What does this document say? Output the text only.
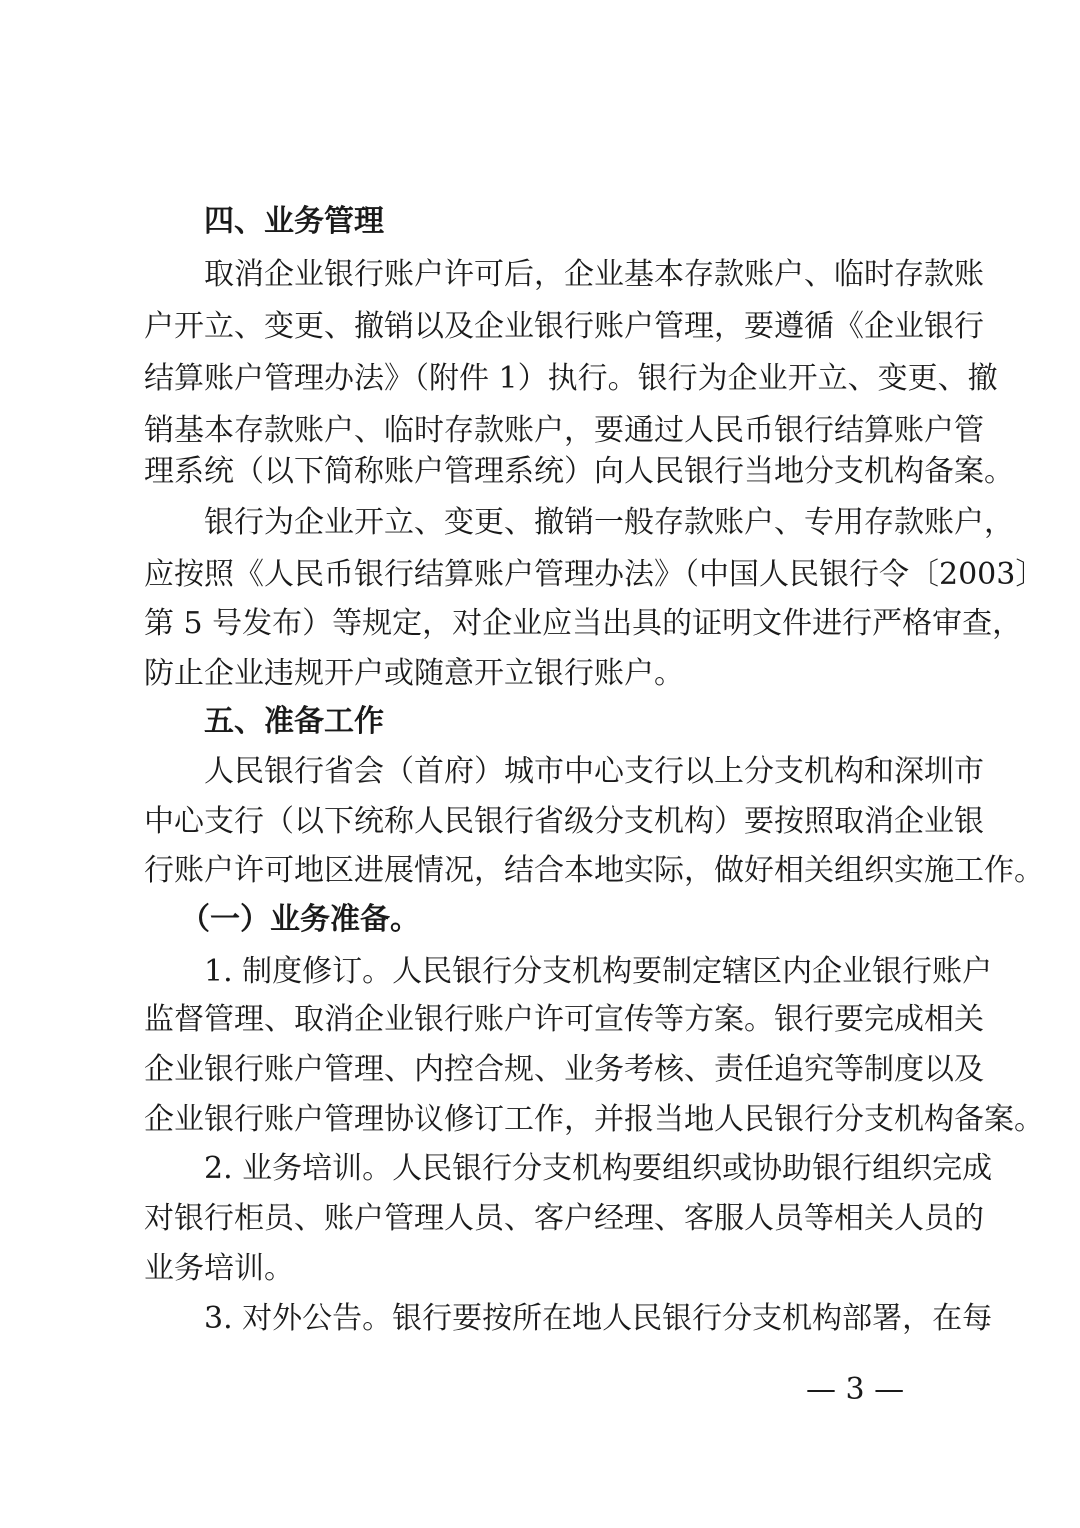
四、业务管理
取消企业银行账户许可后，企业基本存款账户、临时存款账
户开立、变更、撤销以及企业银行账户管理，要遵循《企业银行
结算账户管理办法》（附件 1）执行。银行为企业开立、变更、撤
销基本存款账户、临时存款账户，要通过人民币银行结算账户管
理系统（以下简称账户管理系统）向人民银行当地分支机构备案。
银行为企业开立、变更、撤销一般存款账户、专用存款账户，
应按照《人民币银行结算账户管理办法》（中国人民银行令〔2003〕
第 5 号发布）等规定，对企业应当出具的证明文件进行严格审查，
防止企业违规开户或随意开立银行账户。
五、准备工作
人民银行省会（首府）城市中心支行以上分支机构和深圳市
中心支行（以下统称人民银行省级分支机构）要按照取消企业银
行账户许可地区进展情况，结合本地实际，做好相关组织实施工作。
（一）业务准备。
1. 制度修订。人民银行分支机构要制定辖区内企业银行账户
监督管理、取消企业银行账户许可宣传等方案。银行要完成相关
企业银行账户管理、内控合规、业务考核、责任追究等制度以及
企业银行账户管理协议修订工作，并报当地人民银行分支机构备案。
2. 业务培训。人民银行分支机构要组织或协助银行组织完成
对银行柜员、账户管理人员、客户经理、客服人员等相关人员的
业务培训。
3. 对外公告。银行要按所在地人民银行分支机构部署，在每
— 3 —
